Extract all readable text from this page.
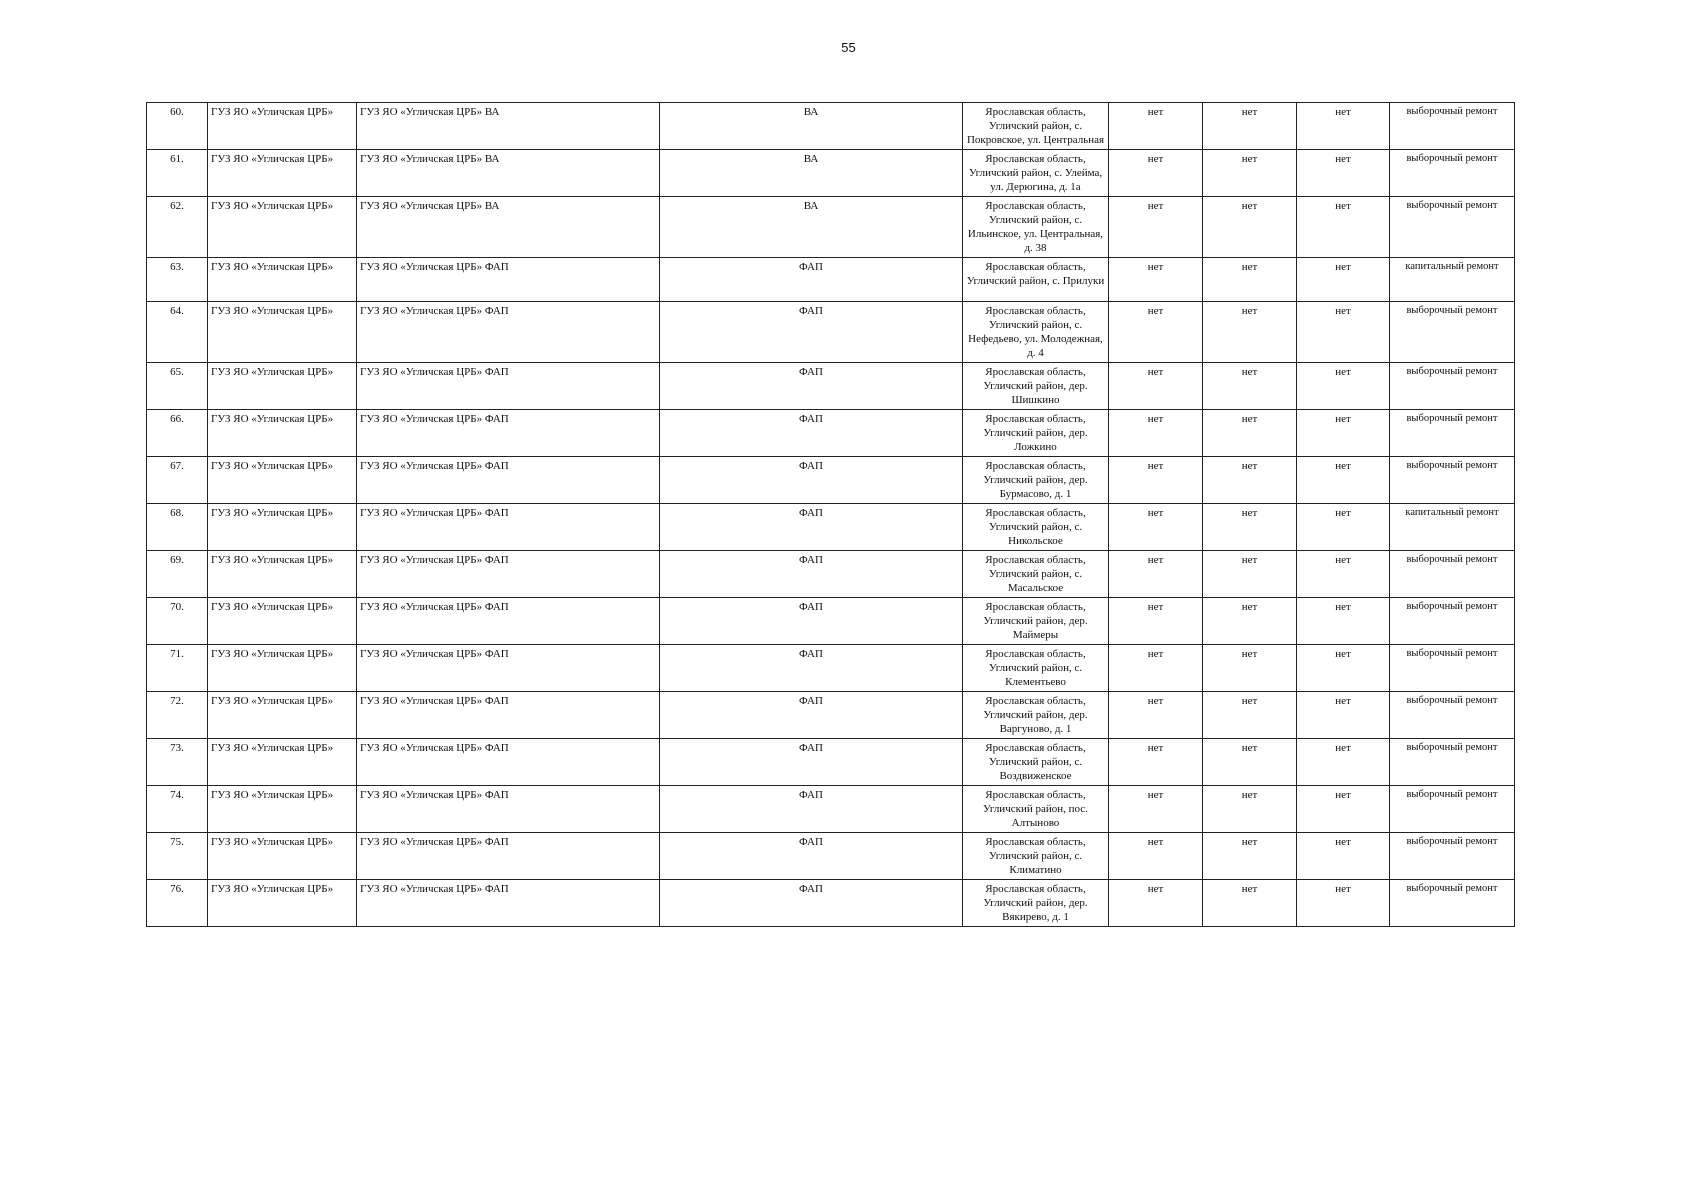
55
60.	ГУЗ ЯО «Угличская ЦРБ»	ГУЗ ЯО «Угличская ЦРБ» ВА	ВА	Ярославская область, Угличский район, с. Покровское, ул. Центральная	нет	нет	нет	выборочный ремонт
61.	ГУЗ ЯО «Угличская ЦРБ»	ГУЗ ЯО «Угличская ЦРБ» ВА	ВА	Ярославская область, Угличский район, с. Улейма, ул. Дерюгина, д. 1а	нет	нет	нет	выборочный ремонт
62.	ГУЗ ЯО «Угличская ЦРБ»	ГУЗ ЯО «Угличская ЦРБ» ВА	ВА	Ярославская область, Угличский район, с. Ильинское, ул. Центральная, д. 38	нет	нет	нет	выборочный ремонт
63.	ГУЗ ЯО «Угличская ЦРБ»	ГУЗ ЯО «Угличская ЦРБ» ФАП	ФАП	Ярославская область, Угличский район, с. Прилуки	нет	нет	нет	капитальный ремонт
64.	ГУЗ ЯО «Угличская ЦРБ»	ГУЗ ЯО «Угличская ЦРБ» ФАП	ФАП	Ярославская область, Угличский район, с. Нефедьево, ул. Молодежная, д. 4	нет	нет	нет	выборочный ремонт
65.	ГУЗ ЯО «Угличская ЦРБ»	ГУЗ ЯО «Угличская ЦРБ» ФАП	ФАП	Ярославская область, Угличский район, дер. Шишкино	нет	нет	нет	выборочный ремонт
66.	ГУЗ ЯО «Угличская ЦРБ»	ГУЗ ЯО «Угличская ЦРБ» ФАП	ФАП	Ярославская область, Угличский район, дер. Ложкино	нет	нет	нет	выборочный ремонт
67.	ГУЗ ЯО «Угличская ЦРБ»	ГУЗ ЯО «Угличская ЦРБ» ФАП	ФАП	Ярославская область, Угличский район, дер. Бурмасово, д. 1	нет	нет	нет	выборочный ремонт
68.	ГУЗ ЯО «Угличская ЦРБ»	ГУЗ ЯО «Угличская ЦРБ» ФАП	ФАП	Ярославская область, Угличский район, с. Никольское	нет	нет	нет	капитальный ремонт
69.	ГУЗ ЯО «Угличская ЦРБ»	ГУЗ ЯО «Угличская ЦРБ» ФАП	ФАП	Ярославская область, Угличский район, с. Масальское	нет	нет	нет	выборочный ремонт
70.	ГУЗ ЯО «Угличская ЦРБ»	ГУЗ ЯО «Угличская ЦРБ» ФАП	ФАП	Ярославская область, Угличский район, дер. Маймеры	нет	нет	нет	выборочный ремонт
71.	ГУЗ ЯО «Угличская ЦРБ»	ГУЗ ЯО «Угличская ЦРБ» ФАП	ФАП	Ярославская область, Угличский район, с. Клементьево	нет	нет	нет	выборочный ремонт
72.	ГУЗ ЯО «Угличская ЦРБ»	ГУЗ ЯО «Угличская ЦРБ» ФАП	ФАП	Ярославская область, Угличский район, дер. Варгуново, д. 1	нет	нет	нет	выборочный ремонт
73.	ГУЗ ЯО «Угличская ЦРБ»	ГУЗ ЯО «Угличская ЦРБ» ФАП	ФАП	Ярославская область, Угличский район, с. Воздвиженское	нет	нет	нет	выборочный ремонт
74.	ГУЗ ЯО «Угличская ЦРБ»	ГУЗ ЯО «Угличская ЦРБ» ФАП	ФАП	Ярославская область, Угличский район, пос. Алтыново	нет	нет	нет	выборочный ремонт
75.	ГУЗ ЯО «Угличская ЦРБ»	ГУЗ ЯО «Угличская ЦРБ» ФАП	ФАП	Ярославская область, Угличский район, с. Климатино	нет	нет	нет	выборочный ремонт
76.	ГУЗ ЯО «Угличская ЦРБ»	ГУЗ ЯО «Угличская ЦРБ» ФАП	ФАП	Ярославская область, Угличский район, дер. Вякирево, д. 1	нет	нет	нет	выборочный ремонт
